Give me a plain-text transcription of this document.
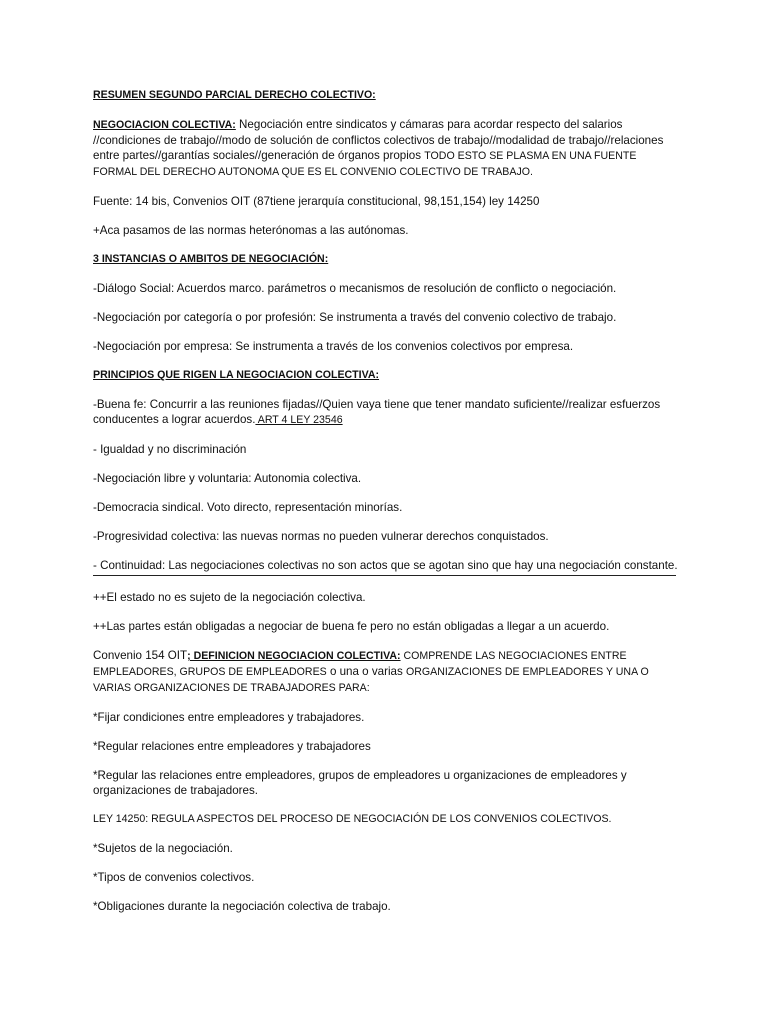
RESUMEN SEGUNDO PARCIAL DERECHO COLECTIVO:

NEGOCIACION COLECTIVA: Negociación entre sindicatos y cámaras para acordar respecto del salarios //condiciones de trabajo//modo de solución de conflictos colectivos de trabajo//modalidad de trabajo//relaciones entre partes//garantías sociales//generación de órganos propios TODO ESTO SE PLASMA EN UNA FUENTE FORMAL DEL DERECHO AUTONOMA QUE ES EL CONVENIO COLECTIVO DE TRABAJO.

Fuente: 14 bis, Convenios OIT (87tiene jerarquía constitucional, 98,151,154) ley 14250

+Aca pasamos de las normas heterónomas a las autónomas.

3 INSTANCIAS O AMBITOS DE NEGOCIACIÓN:

-Diálogo Social: Acuerdos marco. parámetros o mecanismos de resolución de conflicto o negociación.

-Negociación por categoría o por profesión: Se instrumenta a través del convenio colectivo de trabajo.

-Negociación por empresa: Se instrumenta a través de los convenios colectivos por empresa.

PRINCIPIOS QUE RIGEN LA NEGOCIACION COLECTIVA:

-Buena fe: Concurrir a las reuniones fijadas//Quien vaya tiene que tener mandato suficiente//realizar esfuerzos conducentes a lograr acuerdos. ART 4 LEY 23546

- Igualdad y no discriminación

-Negociación libre y voluntaria: Autonomia colectiva.

-Democracia sindical. Voto directo, representación minorías.

-Progresividad colectiva: las nuevas normas no pueden vulnerar derechos conquistados.

- Continuidad: Las negociaciones colectivas no son actos que se agotan sino que hay una negociación constante.

++El estado no es sujeto de la negociación colectiva.

++Las partes están obligadas a negociar de buena fe pero no están obligadas a llegar a un acuerdo.

Convenio 154 OIT; DEFINICION NEGOCIACION COLECTIVA: COMPRENDE LAS NEGOCIACIONES ENTRE EMPLEADORES, GRUPOS DE EMPLEADORES o una o varias ORGANIZACIONES DE EMPLEADORES Y UNA O VARIAS ORGANIZACIONES DE TRABAJADORES PARA:

*Fijar condiciones entre empleadores y trabajadores.

*Regular relaciones entre empleadores y trabajadores

*Regular las relaciones entre empleadores, grupos de empleadores u organizaciones de empleadores y organizaciones de trabajadores.

LEY 14250: REGULA ASPECTOS DEL PROCESO DE NEGOCIACIÓN DE LOS CONVENIOS COLECTIVOS.

*Sujetos de la negociación.

*Tipos de convenios colectivos.

*Obligaciones durante la negociación colectiva de trabajo.
